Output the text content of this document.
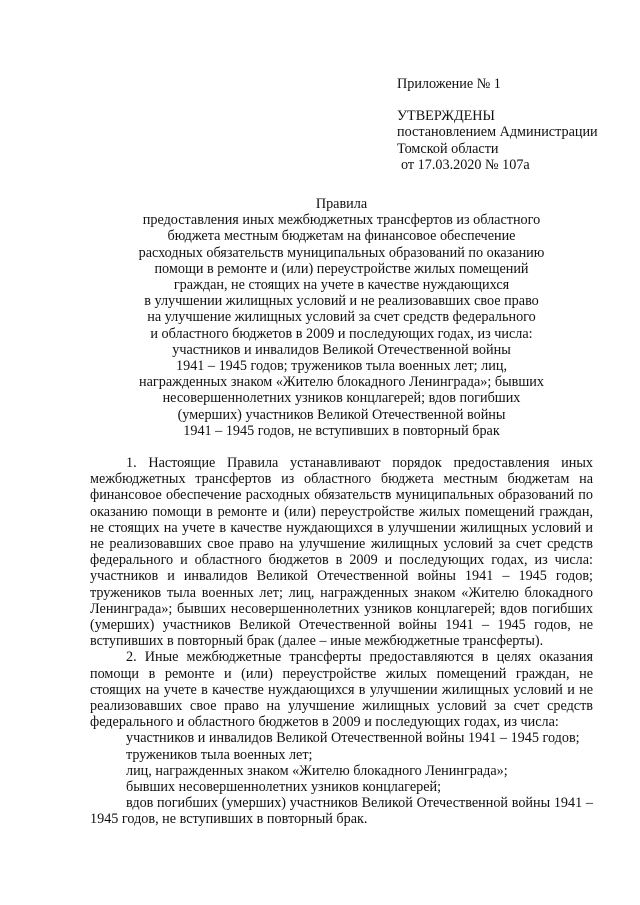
Приложение № 1
УТВЕРЖДЕНЫ
постановлением Администрации
Томской области
от 17.03.2020 № 107а
Правила
предоставления иных межбюджетных трансфертов из областного
бюджета местным бюджетам на финансовое обеспечение
расходных обязательств муниципальных образований по оказанию
помощи в ремонте и (или) переустройстве жилых помещений
граждан, не стоящих на учете в качестве нуждающихся
в улучшении жилищных условий и не реализовавших свое право
на улучшение жилищных условий за счет средств федерального
и областного бюджетов в 2009 и последующих годах, из числа:
участников и инвалидов Великой Отечественной войны
1941 – 1945 годов; тружеников тыла военных лет; лиц,
награжденных знаком «Жителю блокадного Ленинграда»; бывших
несовершеннолетних узников концлагерей; вдов погибших
(умерших) участников Великой Отечественной войны
1941 – 1945 годов, не вступивших в повторный брак

1. Настоящие Правила устанавливают порядок предоставления иных межбюджетных трансфертов из областного бюджета местным бюджетам на финансовое обеспечение расходных обязательств муниципальных образований по оказанию помощи в ремонте и (или) переустройстве жилых помещений граждан, не стоящих на учете в качестве нуждающихся в улучшении жилищных условий и не реализовавших свое право на улучшение жилищных условий за счет средств федерального и областного бюджетов в 2009 и последующих годах, из числа: участников и инвалидов Великой Отечественной войны 1941 – 1945 годов; тружеников тыла военных лет; лиц, награжденных знаком «Жителю блокадного Ленинграда»; бывших несовершеннолетних узников концлагерей; вдов погибших (умерших) участников Великой Отечественной войны 1941 – 1945 годов, не вступивших в повторный брак (далее – иные межбюджетные трансферты).

2. Иные межбюджетные трансферты предоставляются в целях оказания помощи в ремонте и (или) переустройстве жилых помещений граждан, не стоящих на учете в качестве нуждающихся в улучшении жилищных условий и не реализовавших свое право на улучшение жилищных условий за счет средств федерального и областного бюджетов в 2009 и последующих годах, из числа:

участников и инвалидов Великой Отечественной войны 1941 – 1945 годов;

тружеников тыла военных лет;

лиц, награжденных знаком «Жителю блокадного Ленинграда»;

бывших несовершеннолетних узников концлагерей;

вдов погибших (умерших) участников Великой Отечественной войны 1941 – 1945 годов, не вступивших в повторный брак.
